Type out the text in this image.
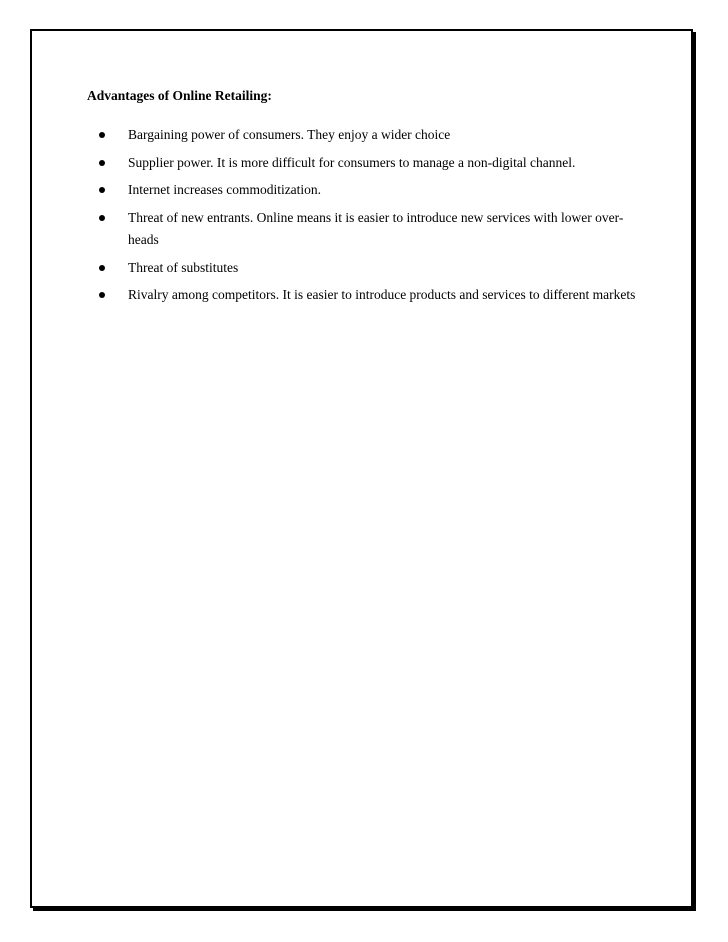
Advantages of Online Retailing:
Bargaining power of consumers. They enjoy a wider choice
Supplier power. It is more difficult for consumers to manage a non-digital channel.
Internet increases commoditization.
Threat of new entrants. Online means it is easier to introduce new services with lower over-heads
Threat of substitutes
Rivalry among competitors. It is easier to introduce products and services to different markets
